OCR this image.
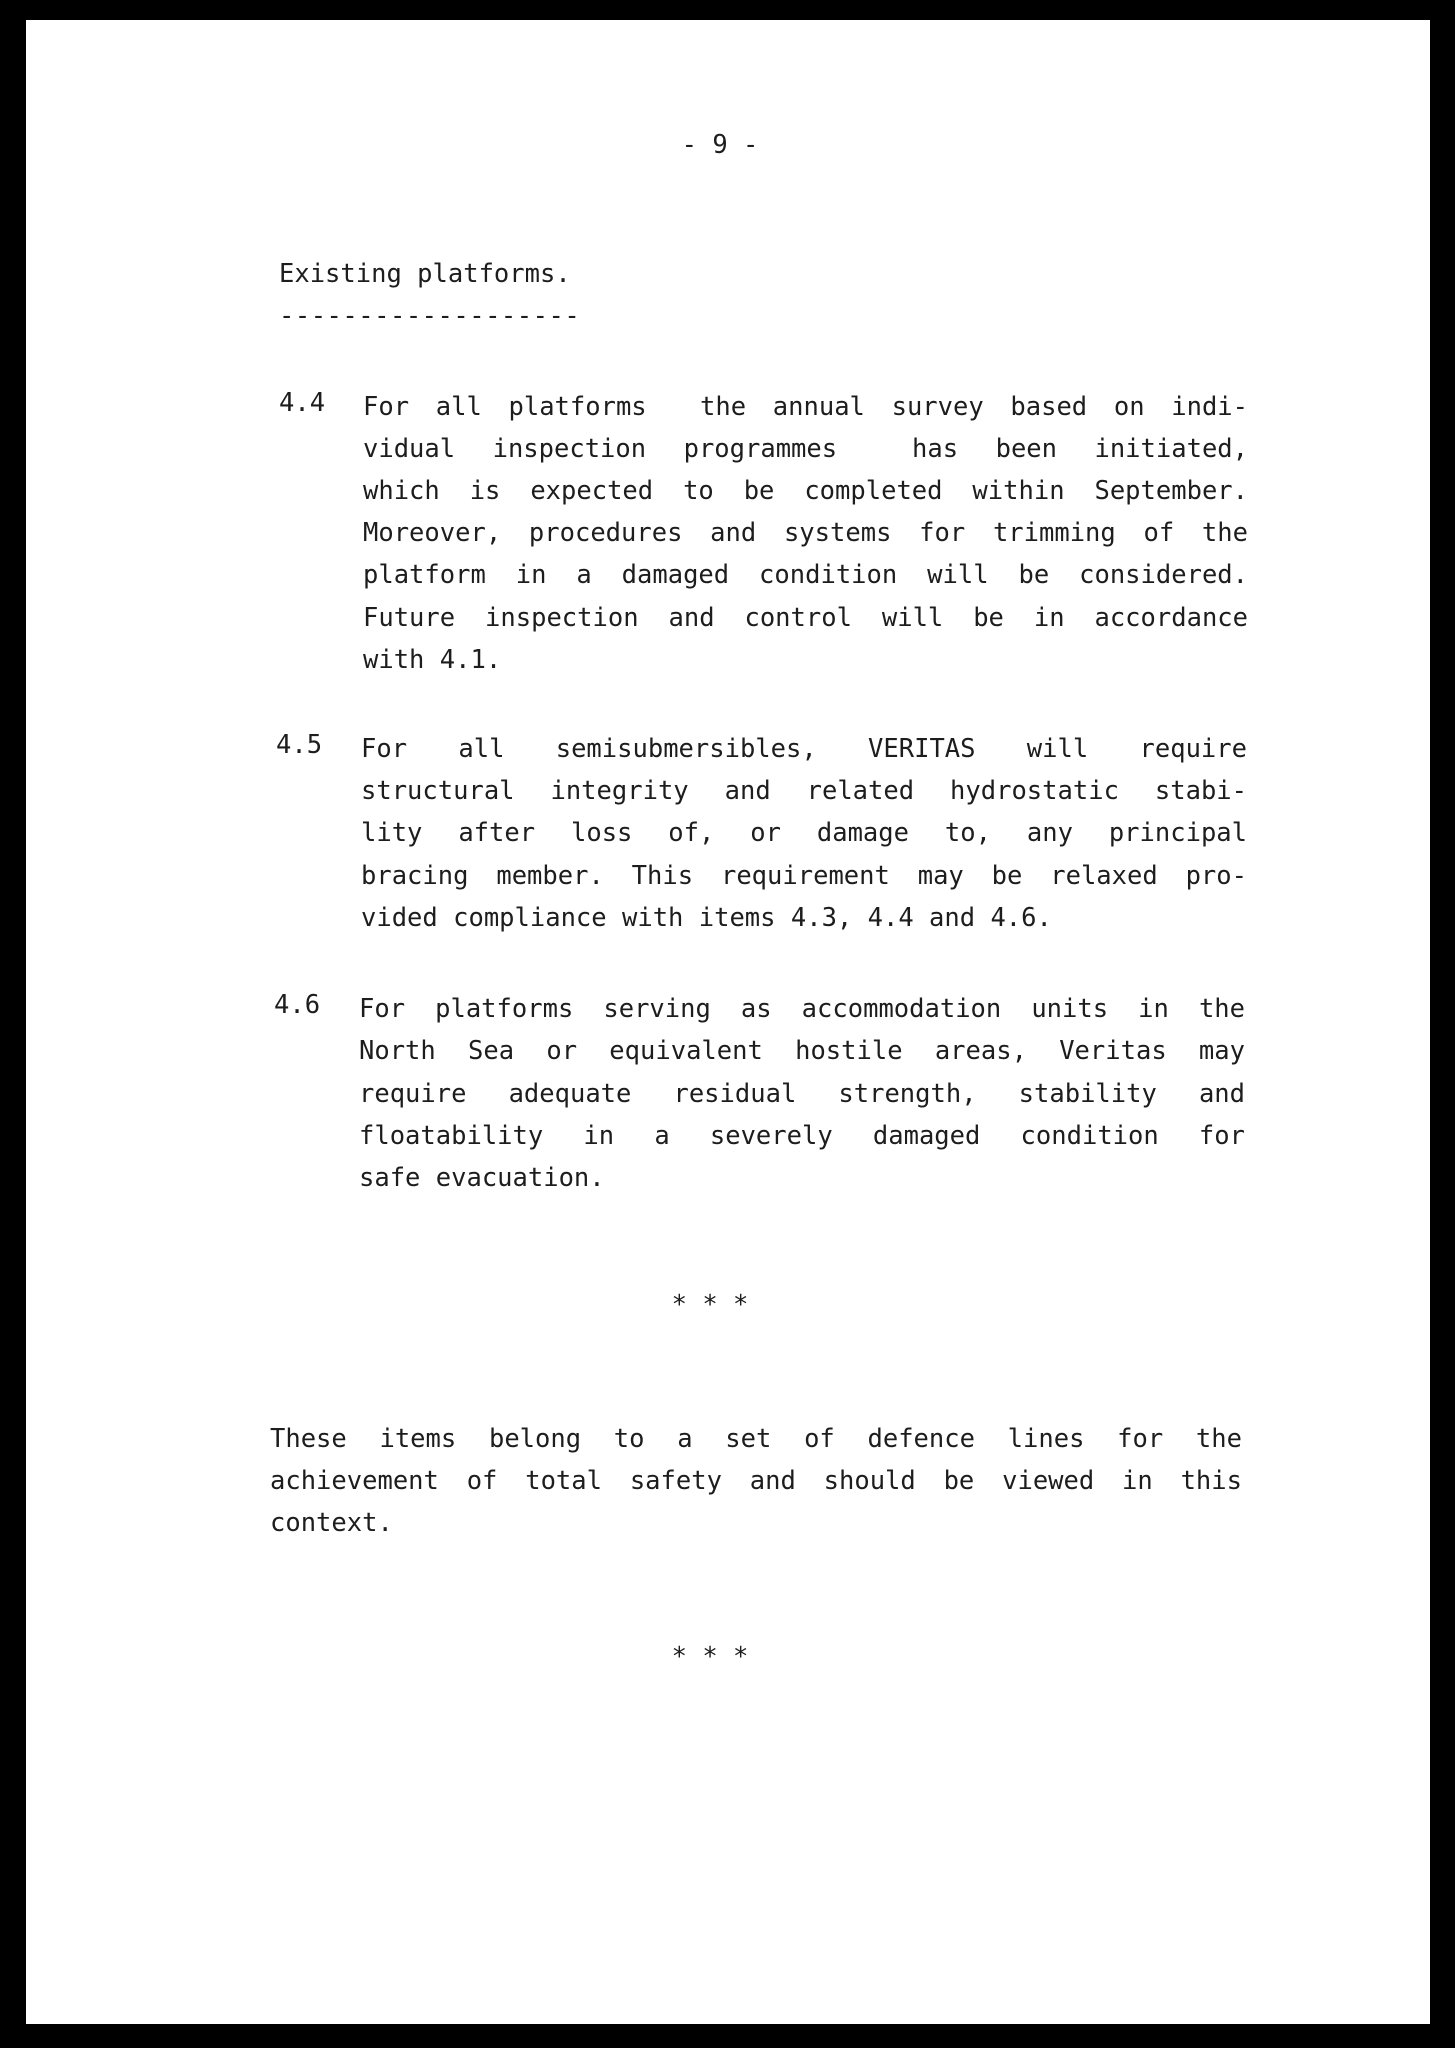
- 9 -
Existing platforms.
-------------------
4.4 For all platforms  the annual survey based on indi-
vidual inspection programmes  has been initiated,
which is expected to be completed within September.
Moreover, procedures and systems for trimming of the
platform in a damaged condition will be considered.
Future inspection and control will be in accordance
with 4.1.
4.5 For all semisubmersibles, VERITAS will require
structural integrity and related hydrostatic stabi-
lity after loss of, or damage to, any principal
bracing member. This requirement may be relaxed pro-
vided compliance with items 4.3, 4.4 and 4.6.
4.6 For platforms serving as accommodation units in the
North Sea or equivalent hostile areas, Veritas may
require adequate residual strength, stability and
floatability in a severely damaged condition for
safe evacuation.
* * *
These items belong to a set of defence lines for the
achievement of total safety and should be viewed in this
context.
* * *
